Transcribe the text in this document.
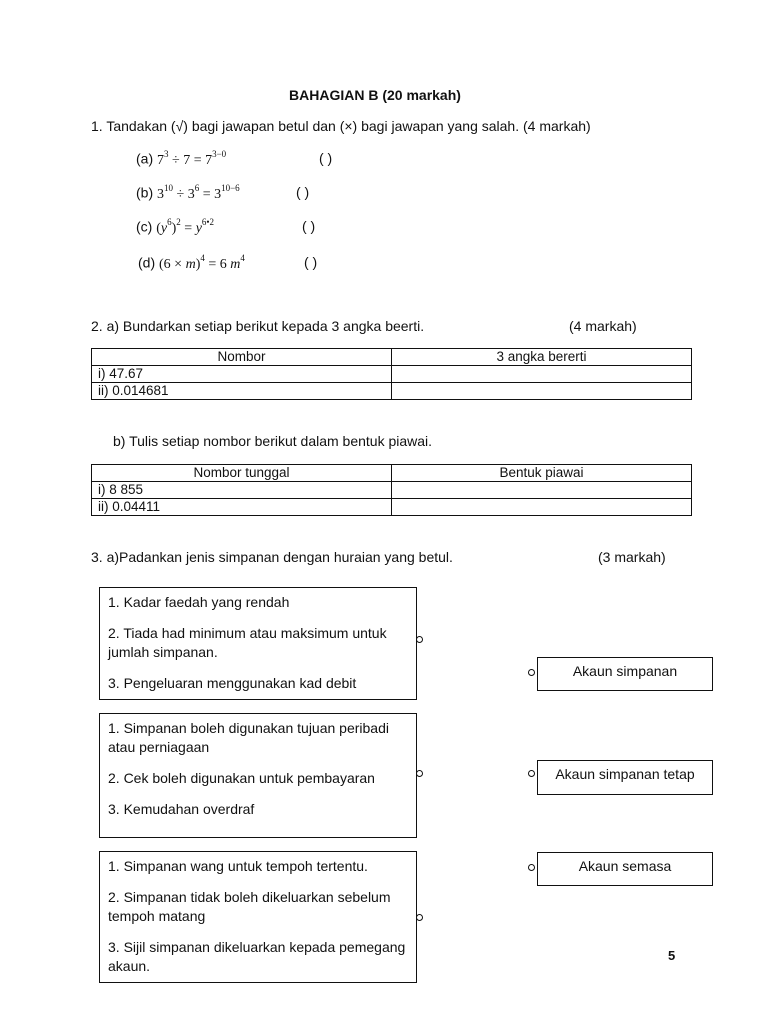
BAHAGIAN B (20 markah)
1. Tandakan (√) bagi jawapan betul dan (×) bagi jawapan yang salah. (4 markah)
(a) $7^3 \div 7 = 7^{3-0}$	( )
(b) $3^{10} \div 3^6 = 3^{10-6}$	( )
(c) $(y^6)^2 = y^{6•2}$	( )
(d) $(6 \times m)^4 = 6$ $m^4$	( )
2. a) Bundarkan setiap berikut kepada 3 angka beerti.	(4 markah)
Nombor	3 angka bererti
i) 47.67	
ii) 0.014681	
b) Tulis setiap nombor berikut dalam bentuk piawai.
Nombor tunggal	Bentuk piawai
i) 8 855	
ii) 0.04411	
3. a)Padankan jenis simpanan dengan huraian yang betul.	(3 markah)

1. Kadar faedah yang rendah

2. Tiada had minimum atau maksimum untuk jumlah simpanan.

3. Pengeluaran menggunakan kad debit

1. Simpanan boleh digunakan tujuan peribadi atau perniagaan

2. Cek boleh digunakan untuk pembayaran

3. Kemudahan overdraf

1. Simpanan wang untuk tempoh tertentu.

2. Simpanan tidak boleh dikeluarkan sebelum tempoh matang

3. Sijil simpanan dikeluarkan kepada pemegang akaun.

Akaun simpanan
Akaun simpanan tetap
Akaun semasa
5
